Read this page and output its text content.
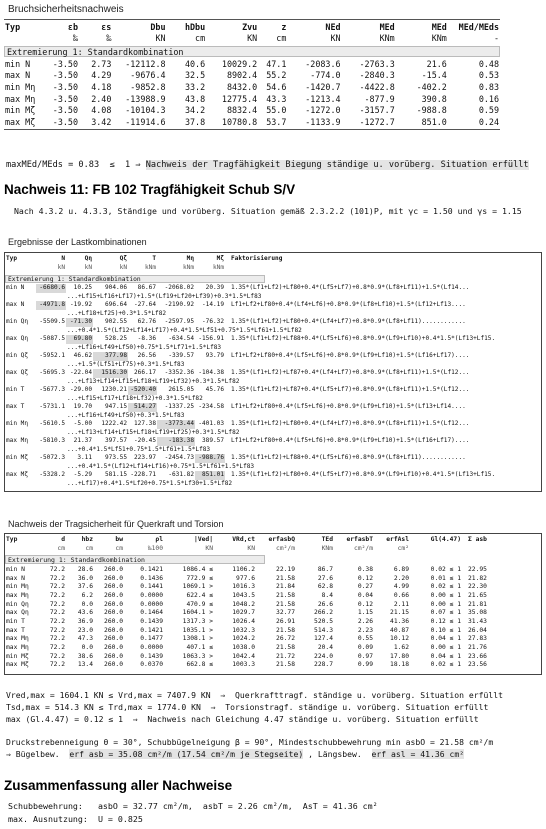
Bruchsicherheitsnachweis
Typ	εb	εs	Dbu	hDbu	Zvu	z	NEd	MEd	MEd	MEd/MEds
	‰	‰	KN	cm	KN	cm	KN	KNm	KNm	-
Extremierung 1: Standardkombination
min N	-3.50	2.73	-12112.8	40.6	10029.2	47.1	-2083.6	-2763.3	21.6	0.48
max N	-3.50	4.29	-9676.4	32.5	8902.4	55.2	-774.0	-2840.3	-15.4	0.53
min Mη	-3.50	4.18	-9852.8	33.2	8432.0	54.6	-1420.7	-4422.8	-402.2	0.83
max Mη	-3.50	2.40	-13988.9	43.8	12775.4	43.3	-1213.4	-877.9	390.8	0.16
min Mζ	-3.50	4.08	-10104.3	34.2	8832.4	55.0	-1272.0	-3157.7	-988.8	0.59
max Mζ	-3.50	3.42	-11914.6	37.8	10780.8	53.7	-1133.9	-1272.7	851.0	0.24

maxMEd/MEds = 0.83  ≤  1 ⇒ Nachweis der Tragfähigkeit Biegung ständige u. vorüberg. Situation erfüllt
Nachweis 11: FB 102 Tragfähigkeit Schub S/V
Nach 4.3.2 u. 4.3.3, Ständige und vorüberg. Situation gemäß 2.3.2.2 (101)P, mit γc = 1.50 und γs = 1.15
Ergebnisse der Lastkombinationen
Typ	N	Qη	Qζ	T	Mη	Mζ	Faktorisierung
	kN	kN	kN	kNm	kNm	kNm	
Extremierung 1: Standardkombination
min N	-6680.6	10.25	904.06	86.67	-2068.02	20.39	1.35*(Lf1+Lf2)+Lf80+0.4*(Lf5+Lf7)+0.8*0.9*(Lf8+Lf11)+1.5*(Lf14...
...+Lf15+Lf16+Lf17)+1.5*(Lf19+Lf20+Lf39)+0.3*1.5*Lf83							
max N	-4971.8	-19.92	696.64	-27.64	-2190.92	-14.19	Lf1+Lf2+Lf80+0.4*(Lf4+Lf6)+0.8*0.9*(Lf8+Lf10)+1.5*(Lf12+Lf13....
...+Lf18+Lf25)+0.3*1.5*Lf82							
min Qη	-5509.5	-71.30	902.55	62.76	-2597.95	-76.32	1.35*(Lf1+Lf2)+Lf80+0.4*(Lf4+Lf7)+0.8*0.9*(Lf8+Lf11)............
...+0.4*1.5*(Lf12+Lf14+Lf17)+0.4*1.5*Lf51+0.75*1.5*Lf61+1.5*Lf82							
max Qη	-5087.5	69.80	528.25	-8.36	-634.54	-156.91	1.35*(Lf1+Lf2)+Lf88+0.4*(Lf5+Lf6)+0.8*0.9*(Lf9+Lf10)+0.4*1.5*(Lf13+Lf15.
...+Lf16+Lf49+Lf50)+0.75*1.5*Lf71+1.5*Lf83							
min Qζ	-5952.1	46.62	377.98	26.56	-339.57	93.79	Lf1+Lf2+Lf80+0.4*(Lf5+Lf6)+0.8*0.9*(Lf9+Lf10)+1.5*(Lf16+Lf17)....
...+1.5*(Lf51+Lf75)+0.3*1.5*Lf83							
max Qζ	-5695.3	-22.04	1516.30	266.17	-3352.36	-104.38	1.35*(Lf1+Lf2)+Lf87+0.4*(Lf4+Lf7)+0.8*0.9*(Lf8+Lf11)+1.5*(Lf12...
...+Lf13+Lf14+Lf15+Lf18+Lf19+Lf32)+0.3*1.5*Lf82							
min T	-5677.3	-29.00	1230.21	-520.40	2615.05	45.76	1.35*(Lf1+Lf2)+Lf87+0.4*(Lf5+Lf7)+0.8*0.9*(Lf8+Lf11)+1.5*(Lf12...
...+Lf15+Lf17+Lf18+Lf32)+0.3*1.5*Lf82							
max T	-5731.1	19.70	947.15	514.27	-1337.25	-234.58	Lf1+Lf2+Lf80+0.4*(Lf5+Lf6)+0.8*0.9*(Lf9+Lf10)+1.5*(Lf13+Lf14....
...+Lf16+Lf49+Lf50)+0.3*1.5*Lf83							
min Mη	-5610.5	-5.00	1222.42	127.38	-3773.44	-401.03	1.35*(Lf1+Lf2)+Lf80+0.4*(Lf4+Lf7)+0.8*0.9*(Lf8+Lf11)+1.5*(Lf12...
...+Lf13+Lf14+Lf15+Lf18+Lf19+Lf25)+0.3*1.5*Lf82							
max Mη	-5810.3	21.37	397.57	-20.45	-183.38	389.57	Lf1+Lf2+Lf80+0.4*(Lf5+Lf6)+0.8*0.9*(Lf9+Lf10)+1.5*(Lf16+Lf17)....
...+0.4*1.5*Lf51+0.75*1.5*Lf61+1.5*Lf83							
min Mζ	-5072.3	3.11	973.55	223.97	-2454.73	-988.76	1.35*(Lf1+Lf2)+Lf88+0.4*(Lf5+Lf6)+0.8*0.9*(Lf8+Lf11)............
...+0.4*1.5*(Lf12+Lf14+Lf16)+0.75*1.5*Lf61+1.5*Lf83							
max Mζ	-5328.2	-5.29	581.15	-228.71	-631.82	851.01	1.35*(Lf1+Lf2)+Lf80+0.4*(Lf5+Lf7)+0.8*0.9*(Lf9+Lf10)+0.4*1.5*(Lf13+Lf15.
...+Lf17)+0.4*1.5*Lf20+0.75*1.5*Lf30+1.5*Lf82							
Nachweis der Tragsicherheit für Querkraft und Torsion
Typ	d	hbz	bw	ρl	|Ved|	VRd,ct	erfasbQ	TEd	erfasbT	erfAsl	Gl(4.47)	Σ asb
	cm	cm	cm	‰100	KN	KN	cm²/m	KNm	cm²/m	cm²		
Extremierung 1: Standardkombination
min N	72.2	28.6	260.0	0.1421	1086.4 ≤	1106.2	22.19	86.7	0.38	6.89	0.02 ≤ 1	22.95
max N	72.2	36.0	260.0	0.1436	772.9 ≤	977.6	21.58	27.6	0.12	2.20	0.01 ≤ 1	21.82
min Mη	72.2	37.6	260.0	0.1441	1069.1 >	1016.3	21.84	62.8	0.27	4.99	0.02 ≤ 1	22.30
max Mη	72.2	6.2	260.0	0.0000	622.4 ≤	1043.5	21.58	8.4	0.04	0.66	0.00 ≤ 1	21.65
min Qη	72.2	0.0	260.0	0.0000	470.9 ≤	1048.2	21.58	26.6	0.12	2.11	0.00 ≤ 1	21.81
max Qη	72.2	43.6	260.0	0.1464	1604.1 >	1029.7	32.77	266.2	1.15	21.15	0.07 ≤ 1	35.08
min T	72.2	36.9	260.0	0.1439	1317.3 >	1026.4	26.91	520.5	2.26	41.36	0.12 ≤ 1	31.43
max T	72.2	23.0	260.0	0.1421	1035.1 >	1032.3	21.58	514.3	2.23	40.87	0.10 ≤ 1	26.04
max Mη	72.2	47.3	260.0	0.1477	1308.1 >	1024.2	26.72	127.4	0.55	10.12	0.04 ≤ 1	27.83
max Mη	72.2	0.0	260.0	0.0000	407.1 ≤	1038.0	21.58	20.4	0.09	1.62	0.00 ≤ 1	21.76
min Mζ	72.2	38.6	260.0	0.1439	1063.3 >	1042.4	21.72	224.0	0.97	17.80	0.04 ≤ 1	23.66
max Mζ	72.2	13.4	260.0	0.0370	662.8 ≤	1003.3	21.58	228.7	0.99	18.18	0.02 ≤ 1	23.56
Vred,max = 1604.1 KN ≤ Vrd,max = 7407.9 KN  ⇒  Querkrafttragf. ständige u. vorüberg. Situation erfüllt
Tsd,max = 514.3 KN ≤ Trd,max = 1774.0 KN  ⇒  Torsionstragf. ständige u. vorüberg. Situation erfüllt
max (Gl.4.47) = 0.12 ≤ 1  ⇒  Nachweis nach Gleichung 4.47 ständige u. vorüberg. Situation erfüllt
Druckstrebenneigung θ = 30°, Schubbügelneigung β = 90°, Mindestschubbewehrung min asbO = 21.58 cm²/m
⇒ Bügelbew. erf asb = 35.08 cm²/m (17.54 cm²/m je Stegseite) , Längsbew. erf asl = 41.36 cm²
Zusammenfassung aller Nachweise
Schubbewehrung: asbO = 32.77 cm²/m,  asbT = 2.26 cm²/m,  AsT = 41.36 cm²
max. Ausnutzung: U = 0.825
